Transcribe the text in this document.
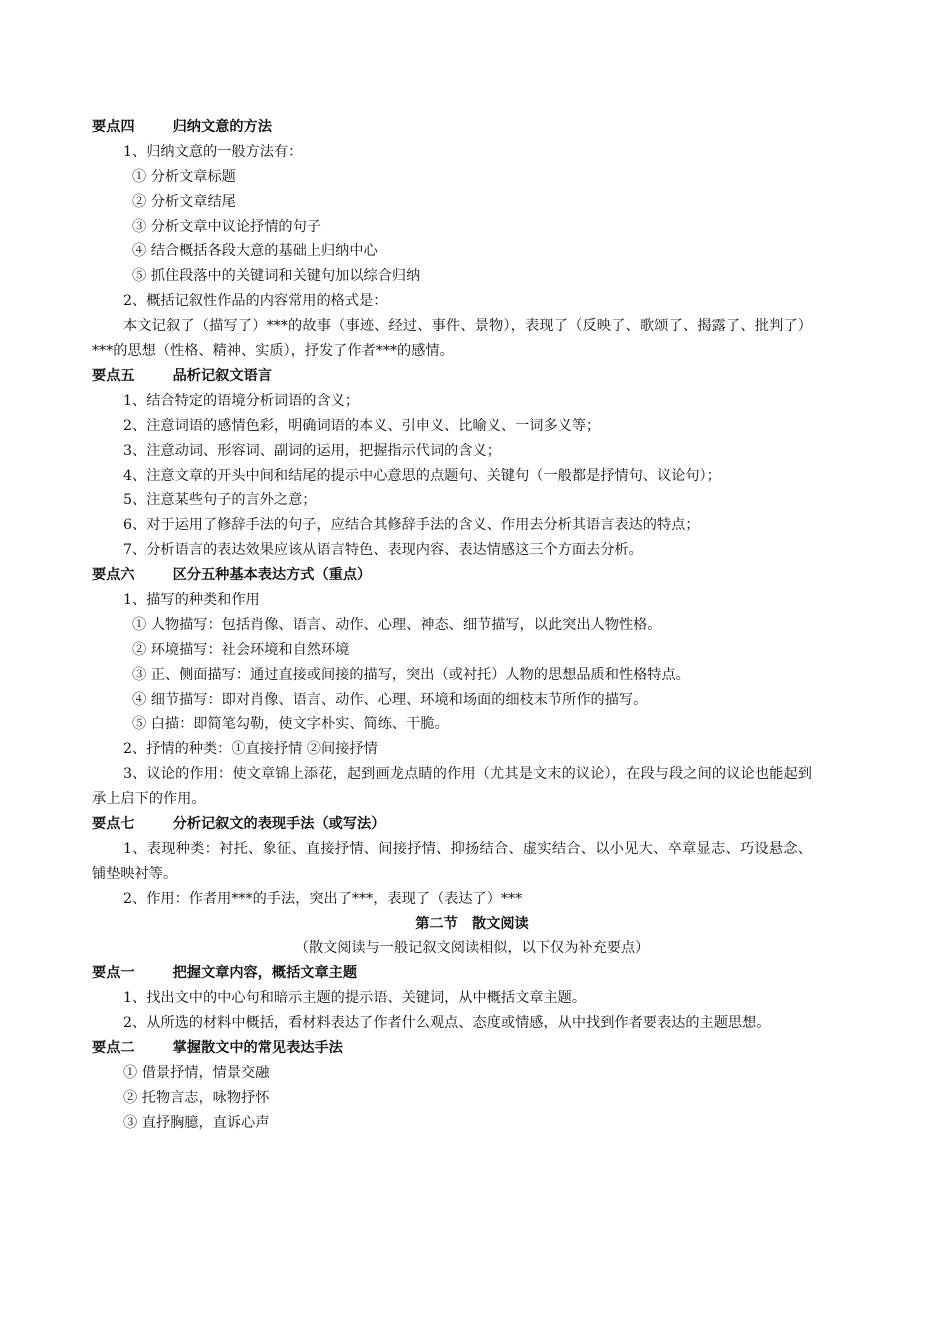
要点四	归纳文意的方法
1、归纳文意的一般方法有：
① 分析文章标题
② 分析文章结尾
③ 分析文章中议论抒情的句子
④ 结合概括各段大意的基础上归纳中心
⑤ 抓住段落中的关键词和关键句加以综合归纳
2、概括记叙性作品的内容常用的格式是：
本文记叙了（描写了）***的故事（事迹、经过、事件、景物），表现了（反映了、歌颂了、揭露了、批判了）***的思想（性格、精神、实质），抒发了作者***的感情。
要点五	品析记叙文语言
1、结合特定的语境分析词语的含义；
2、注意词语的感情色彩，明确词语的本义、引申义、比喻义、一词多义等；
3、注意动词、形容词、副词的运用，把握指示代词的含义；
4、注意文章的开头中间和结尾的提示中心意思的点题句、关键句（一般都是抒情句、议论句）；
5、注意某些句子的言外之意；
6、对于运用了修辞手法的句子，应结合其修辞手法的含义、作用去分析其语言表达的特点；
7、分析语言的表达效果应该从语言特色、表现内容、表达情感这三个方面去分析。
要点六	区分五种基本表达方式（重点）
1、描写的种类和作用
① 人物描写：包括肖像、语言、动作、心理、神态、细节描写，以此突出人物性格。
② 环境描写：社会环境和自然环境
③ 正、侧面描写：通过直接或间接的描写，突出（或衬托）人物的思想品质和性格特点。
④ 细节描写：即对肖像、语言、动作、心理、环境和场面的细枝末节所作的描写。
⑤ 白描：即简笔勾勒，使文字朴实、简练、干脆。
2、抒情的种类：①直接抒情 ②间接抒情
3、议论的作用：使文章锦上添花，起到画龙点睛的作用（尤其是文末的议论），在段与段之间的议论也能起到承上启下的作用。
要点七	分析记叙文的表现手法（或写法）
1、表现种类：衬托、象征、直接抒情、间接抒情、抑扬结合、虚实结合、以小见大、卒章显志、巧设悬念、铺垫映衬等。
2、作用：作者用***的手法，突出了***，表现了（表达了）***
第二节　散文阅读
（散文阅读与一般记叙文阅读相似，以下仅为补充要点）
要点一	把握文章内容，概括文章主题
1、找出文中的中心句和暗示主题的提示语、关键词，从中概括文章主题。
2、从所选的材料中概括，看材料表达了作者什么观点、态度或情感，从中找到作者要表达的主题思想。
要点二	掌握散文中的常见表达手法
① 借景抒情，情景交融
② 托物言志，咏物抒怀
③ 直抒胸臆，直诉心声
